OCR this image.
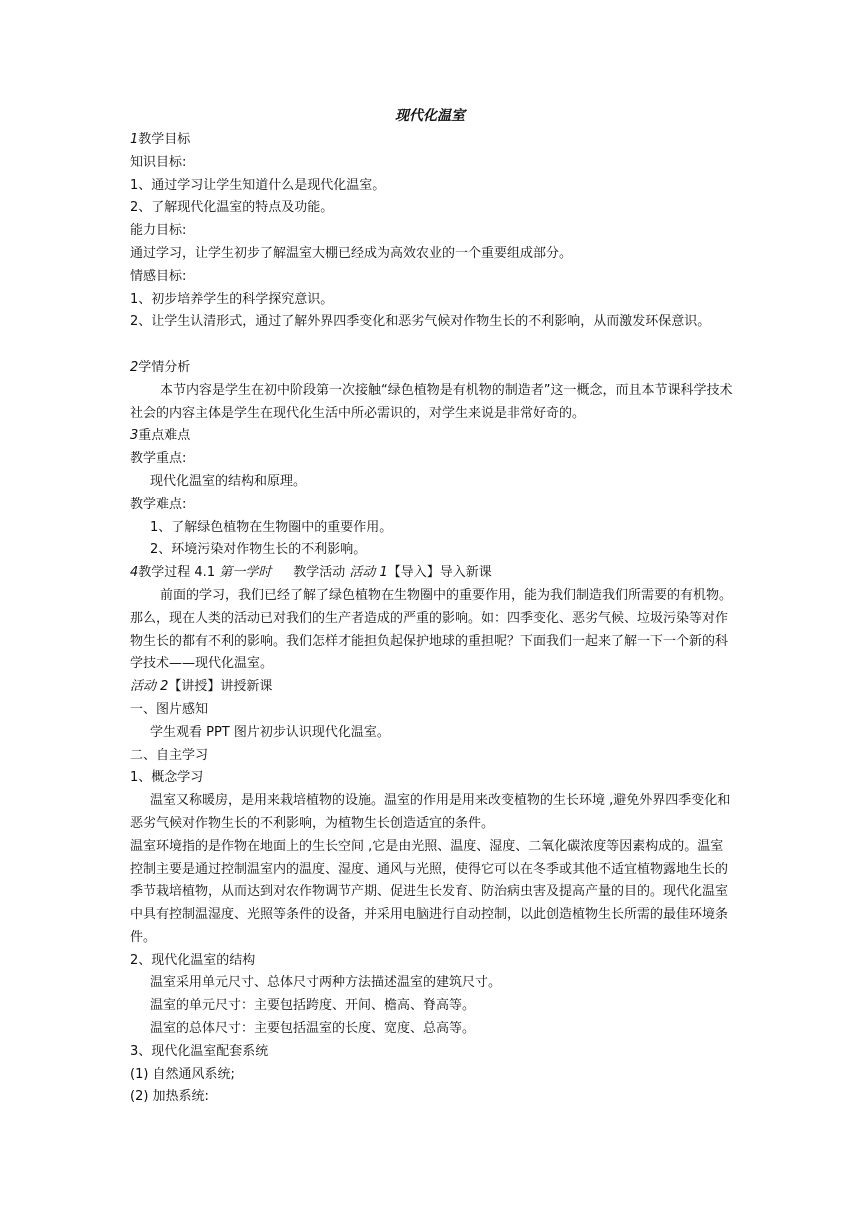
现代化温室

1教学目标

知识目标:

1、通过学习让学生知道什么是现代化温室。

2、了解现代化温室的特点及功能。

能力目标:

通过学习，让学生初步了解温室大棚已经成为高效农业的一个重要组成部分。

情感目标:

1、初步培养学生的科学探究意识。

2、让学生认清形式，通过了解外界四季变化和恶劣气候对作物生长的不利影响，从而激发环保意识。

2学情分析

本节内容是学生在初中阶段第一次接触“绿色植物是有机物的制造者”这一概念，而且本节课科学技术社会的内容主体是学生在现代化生活中所必需识的，对学生来说是非常好奇的。

3重点难点

教学重点:

现代化温室的结构和原理。

教学难点:

1、了解绿色植物在生物圈中的重要作用。

2、环境污染对作物生长的不利影响。

4教学过程 4.1 第一学时 教学活动 活动 1【导入】导入新课

前面的学习，我们已经了解了绿色植物在生物圈中的重要作用，能为我们制造我们所需要的有机物。那么，现在人类的活动已对我们的生产者造成的严重的影响。如：四季变化、恶劣气候、垃圾污染等对作物生长的都有不利的影响。我们怎样才能担负起保护地球的重担呢？下面我们一起来了解一下一个新的科学技术——现代化温室。

活动 2【讲授】讲授新课

一、图片感知

学生观看 PPT 图片初步认识现代化温室。

二、自主学习

1、概念学习

温室又称暖房，是用来栽培植物的设施。温室的作用是用来改变植物的生长环境 ,避免外界四季变化和恶劣气候对作物生长的不利影响，为植物生长创造适宜的条件。

温室环境指的是作物在地面上的生长空间 ,它是由光照、温度、湿度、二氧化碳浓度等因素构成的。温室控制主要是通过控制温室内的温度、湿度、通风与光照，使得它可以在冬季或其他不适宜植物露地生长的季节栽培植物，从而达到对农作物调节产期、促进生长发育、防治病虫害及提高产量的目的。现代化温室中具有控制温湿度、光照等条件的设备，并采用电脑进行自动控制，以此创造植物生长所需的最佳环境条件。

2、现代化温室的结构

温室采用单元尺寸、总体尺寸两种方法描述温室的建筑尺寸。

温室的单元尺寸：主要包括跨度、开间、檐高、脊高等。

温室的总体尺寸：主要包括温室的长度、宽度、总高等。

3、现代化温室配套系统

(1) 自然通风系统;

(2) 加热系统:
